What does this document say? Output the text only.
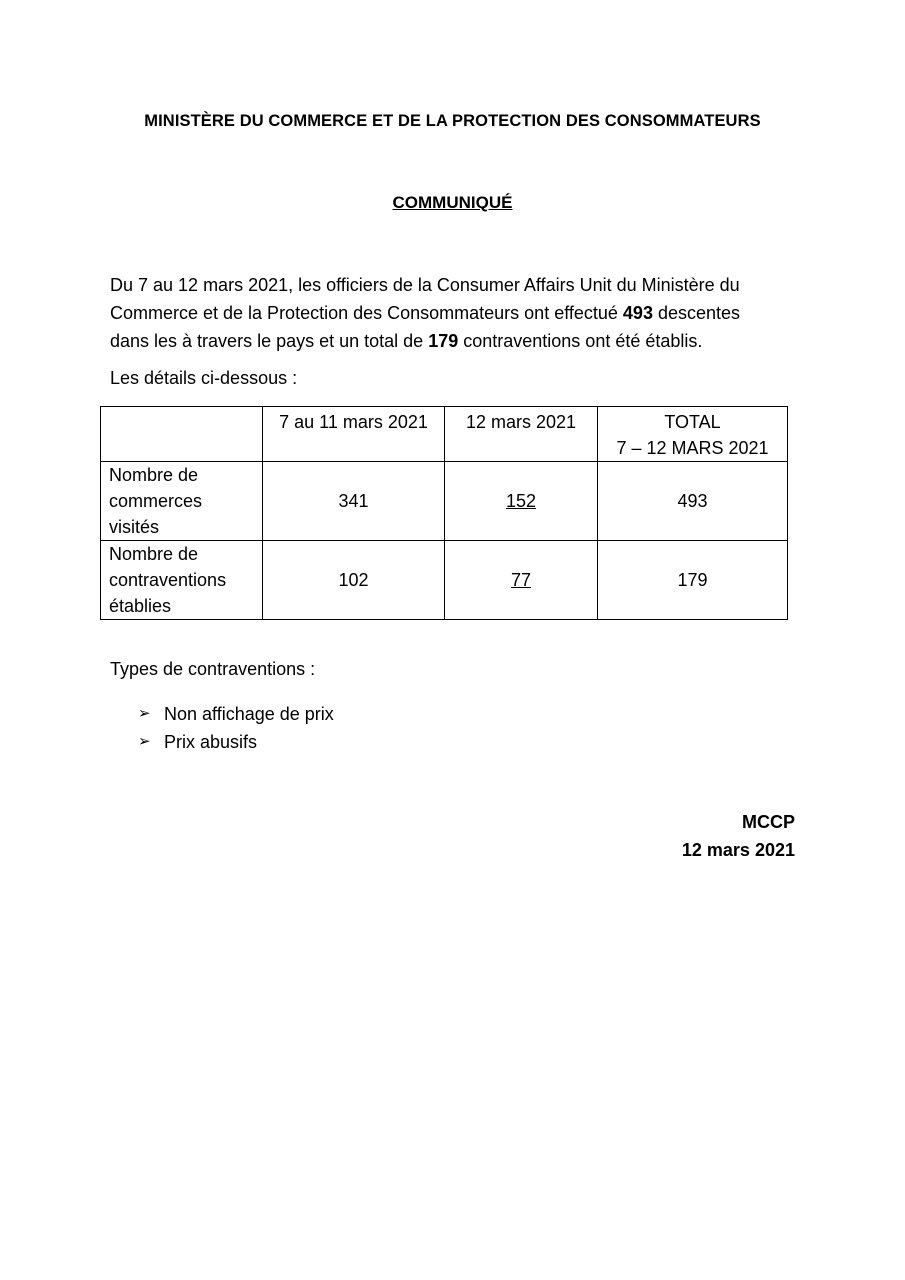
MINISTÈRE DU COMMERCE ET DE LA PROTECTION DES CONSOMMATEURS
COMMUNIQUÉ

Du 7 au 12 mars 2021, les officiers de la Consumer Affairs Unit du Ministère du

Commerce et de la Protection des Consommateurs ont effectué 493 descentes

dans les à travers le pays et un total de 179 contraventions ont été établis.

Les détails ci-dessous :
	7 au 11 mars 2021	12 mars 2021	TOTAL
7 – 12 MARS 2021

Nombre de
commerces
visités	341	152	493

Nombre de
contraventions
établies	102	77	179
Types de contraventions :
➢ Non affichage de prix
➢ Prix abusifs
MCCP
12 mars 2021
